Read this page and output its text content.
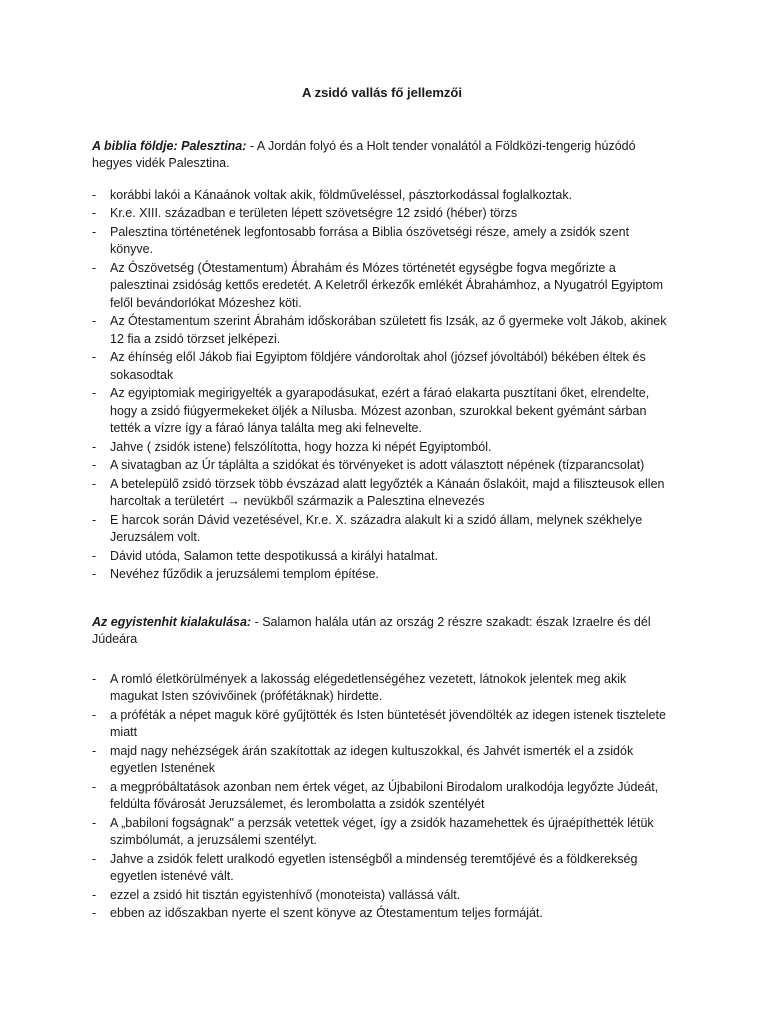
A zsidó vallás fő jellemzői
A biblia földje: Palesztina: - A Jordán folyó és a Holt tender vonalától a Földközi-tengerig húzódó hegyes vidék Palesztina.
-	korábbi lakói a Kánaánok voltak akik, földműveléssel, pásztorkodással foglalkoztak.
-	Kr.e. XIII. században e területen lépett szövetségre 12 zsidó (héber) törzs
-	Palesztina történetének legfontosabb forrása a Biblia ószövetségi része, amely a zsidók szent könyve.
-	Az Ószövetség (Ótestamentum) Ábrahám és Mózes történetét egységbe fogva megőrizte a palesztinai zsidóság kettős eredetét. A Keletről érkezők emlékét Ábrahámhoz, a Nyugatról Egyiptom felől bevándorlókat Mózeshez köti.
-	Az Ótestamentum szerint Ábrahám időskorában született fis Izsák, az ő gyermeke volt Jákob, akinek 12 fia a zsidó törzset jelképezi.
-	Az éhínség elől Jákob fiai Egyiptom földjére vándoroltak ahol (józsef jóvoltából) békében éltek és sokasodtak
-	Az egyiptomiak megirigyelték a gyarapodásukat, ezért a fáraó elakarta pusztítani őket, elrendelte, hogy a zsidó fiúgyermekeket öljék a Nílusba. Mózest azonban, szurokkal bekent gyémánt sárban tették a vízre így a fáraó lánya találta meg aki felnevelte.
-	Jahve ( zsidók istene) felszólította, hogy hozza ki népét Egyiptomból.
-	A sivatagban az Úr táplálta a szidókat és törvényeket is adott választott népének (tízparancsolat)
-	A betelepülő zsidó törzsek több évszázad alatt legyőzték a Kánaán őslakóit, majd a filiszteusok ellen harcoltak a területért → nevükből származik a Palesztina elnevezés
-	E harcok során Dávid vezetésével, Kr.e. X. századra alakult ki a szidó állam, melynek székhelye Jeruzsálem volt.
-	Dávid utóda, Salamon tette despotikussá a királyi hatalmat.
-	Nevéhez fűződik a jeruzsálemi templom építése.
Az egyistenhit kialakulása: - Salamon halála után az ország 2 részre szakadt: észak Izraelre és dél Júdeára
-	A romló életkörülmények a lakosság elégedetlenségéhez vezetett, látnokok jelentek meg akik magukat Isten szóvivőinek (prófétáknak) hirdette.
-	a próféták a népet maguk köré gyűjtötték és Isten büntetését jövendölték az idegen istenek tisztelete miatt
-	majd nagy nehézségek árán szakítottak az idegen kultuszokkal, és Jahvét ismerték el a zsidók egyetlen Istenének
-	a megpróbáltatások azonban nem értek véget, az Újbabiloni Birodalom uralkodója legyőzte Júdeát, feldúlta fővárosát Jeruzsálemet, és lerombolatta a zsidók szentélyét
-	A „babiloni fogságnak" a perzsák vetettek véget, így a zsidók hazamehettek és újraépíthették létük szimbólumát, a jeruzsálemi szentélyt.
-	Jahve a zsidók felett uralkodó egyetlen istenségből a mindenség teremtőjévé és a földkerekség egyetlen istenévé vált.
-	ezzel a zsidó hit tisztán egyistenhívő (monoteista) vallássá vált.
-	ebben az időszakban nyerte el szent könyve az Ótestamentum teljes formáját.
